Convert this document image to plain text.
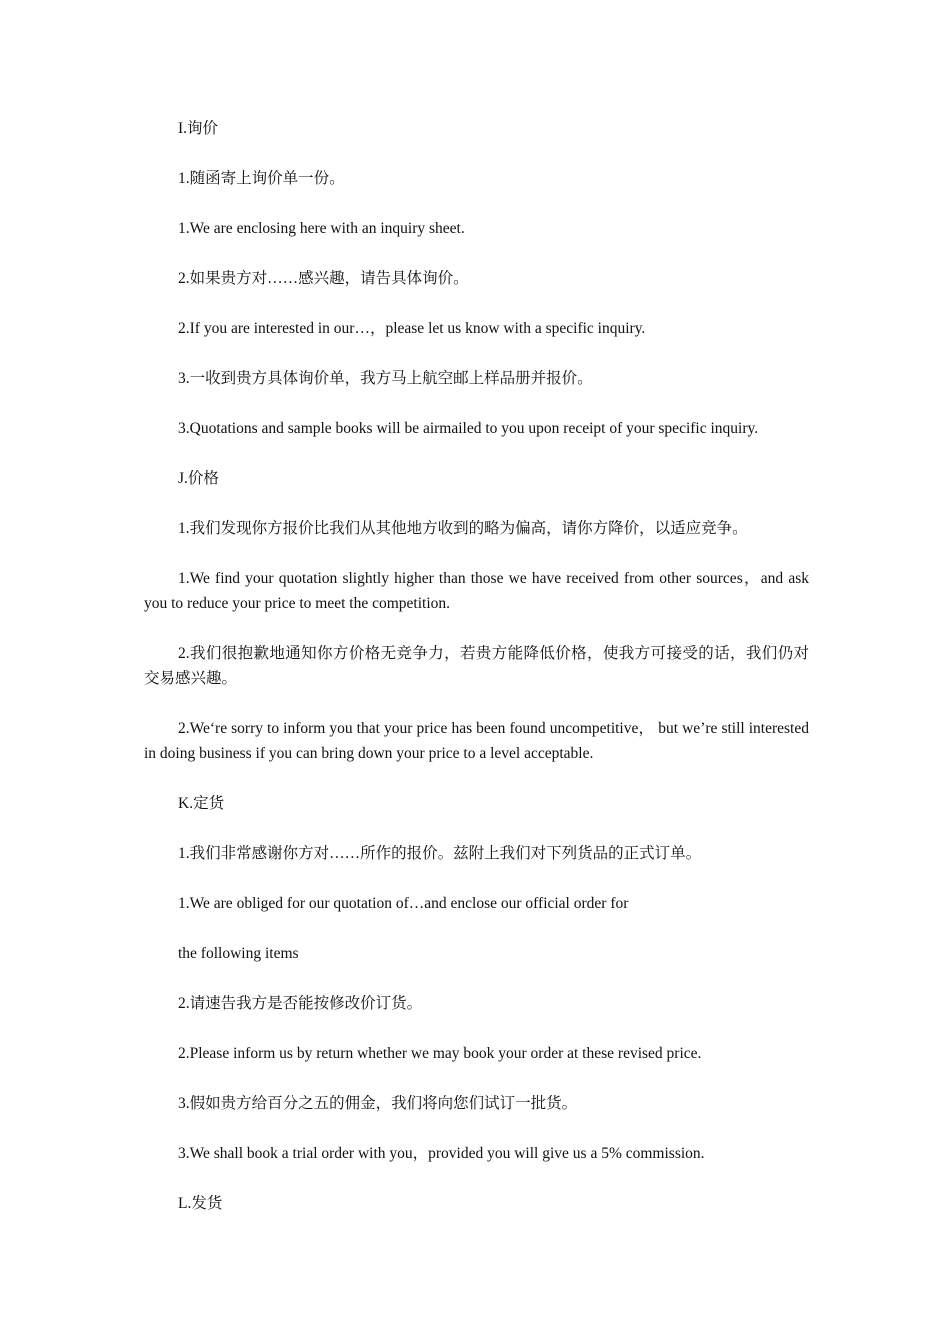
I.询价

1.随函寄上询价单一份。

1.We are enclosing here with an inquiry sheet.

2.如果贵方对……感兴趣，请告具体询价。

2.If you are interested in our…，please let us know with a specific inquiry.

3.一收到贵方具体询价单，我方马上航空邮上样品册并报价。

3.Quotations and sample books will be airmailed to you upon receipt of your specific inquiry.

J.价格

1.我们发现你方报价比我们从其他地方收到的略为偏高，请你方降价，以适应竞争。

1.We find your quotation slightly higher than those we have received from other sources，and ask you to reduce your price to meet the competition.

2.我们很抱歉地通知你方价格无竞争力，若贵方能降低价格，使我方可接受的话，我们仍对交易感兴趣。

2.We‘re sorry to inform you that your price has been found uncompetitive， but we’re still interested in doing business if you can bring down your price to a level acceptable.

K.定货

1.我们非常感谢你方对……所作的报价。兹附上我们对下列货品的正式订单。

1.We are obliged for our quotation of…and enclose our official order for

the following items

2.请速告我方是否能按修改价订货。

2.Please inform us by return whether we may book your order at these revised price.

3.假如贵方给百分之五的佣金，我们将向您们试订一批货。

3.We shall book a trial order with you，provided you will give us a 5% commission.

L.发货
